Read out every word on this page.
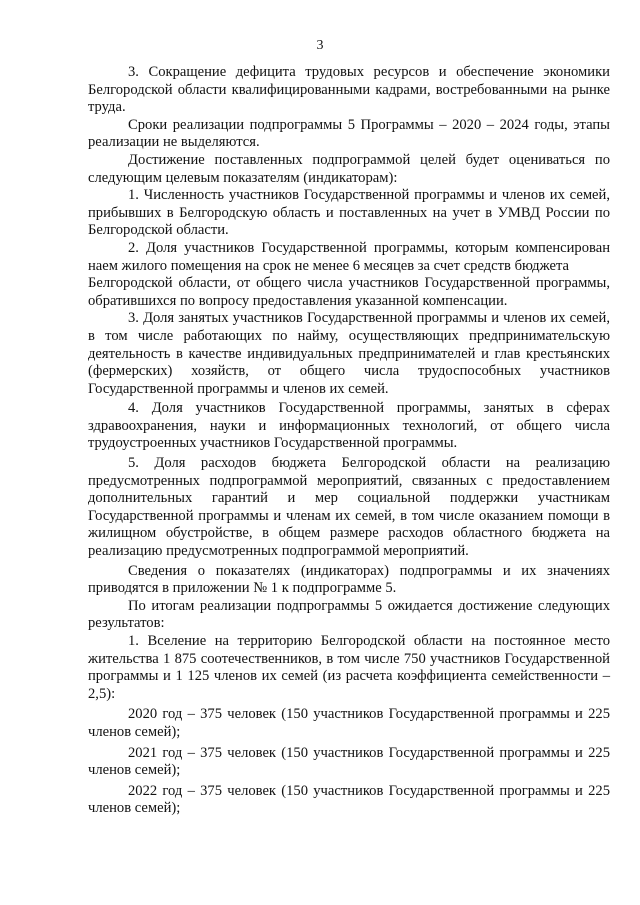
3

3. Сокращение дефицита трудовых ресурсов и обеспечение экономики Белгородской области квалифицированными кадрами, востребованными на рынке труда.

Сроки реализации подпрограммы 5 Программы – 2020 – 2024 годы, этапы реализации не выделяются.

Достижение поставленных подпрограммой целей будет оцениваться по следующим целевым показателям (индикаторам):

1. Численность участников Государственной программы и членов их семей, прибывших в Белгородскую область и поставленных на учет в УМВД России по Белгородской области.

2. Доля участников Государственной программы, которым компенсирован наем жилого помещения на срок не менее 6 месяцев за счет средств бюджета

Белгородской области, от общего числа участников Государственной программы, обратившихся по вопросу предоставления указанной компенсации.

3. Доля занятых участников Государственной программы и членов их семей, в том числе работающих по найму, осуществляющих предпринимательскую деятельность в качестве индивидуальных предпринимателей и глав крестьянских (фермерских) хозяйств, от общего числа трудоспособных участников Государственной программы и членов их семей.

4. Доля участников Государственной программы, занятых в сферах здравоохранения, науки и информационных технологий, от общего числа трудоустроенных участников Государственной программы.

5. Доля расходов бюджета Белгородской области на реализацию предусмотренных подпрограммой мероприятий, связанных с предоставлением дополнительных гарантий и мер социальной поддержки участникам Государственной программы и членам их семей, в том числе оказанием помощи в жилищном обустройстве, в общем размере расходов областного бюджета на реализацию предусмотренных подпрограммой мероприятий.

Сведения о показателях (индикаторах) подпрограммы и их значениях приводятся в приложении № 1 к подпрограмме 5.

По итогам реализации подпрограммы 5 ожидается достижение следующих результатов:

1. Вселение на территорию Белгородской области на постоянное место жительства 1 875 соотечественников, в том числе 750 участников Государственной программы и 1 125 членов их семей (из расчета коэффициента семейственности – 2,5):

2020 год – 375 человек (150 участников Государственной программы и 225 членов семей);

2021 год – 375 человек (150 участников Государственной программы и 225 членов семей);

2022 год – 375 человек (150 участников Государственной программы и 225 членов семей);
